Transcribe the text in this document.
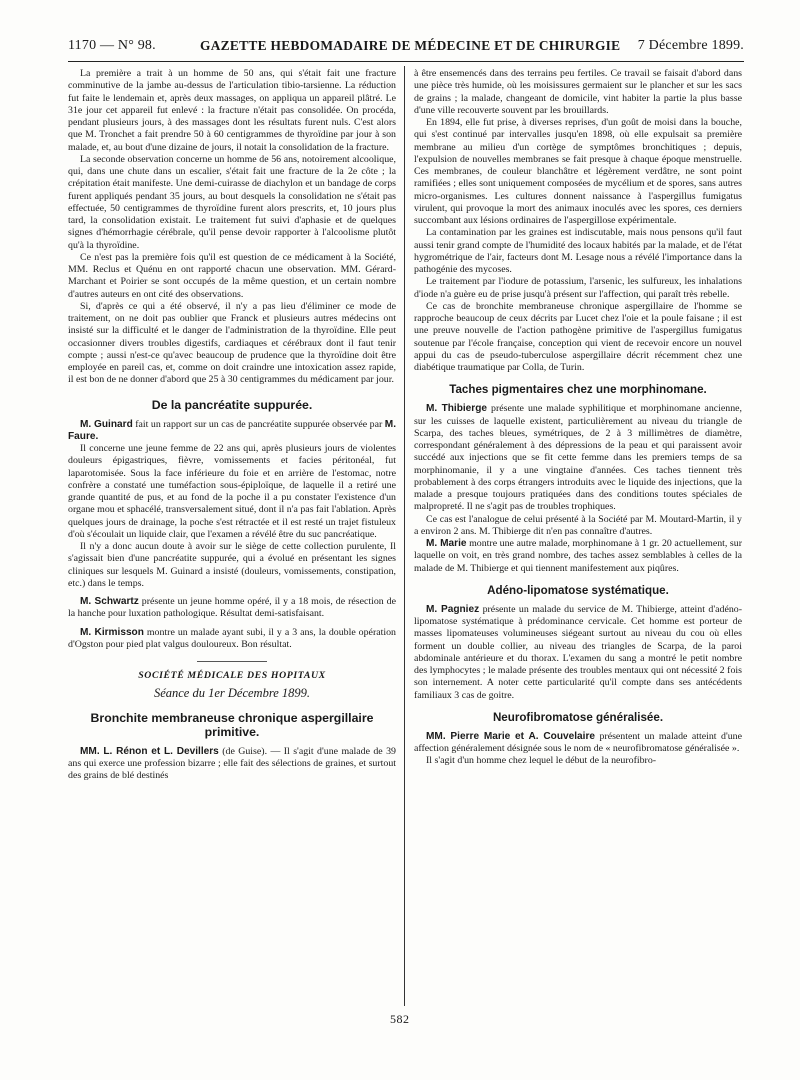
1170 — N° 98.	GAZETTE HEBDOMADAIRE DE MÉDECINE ET DE CHIRURGIE 7 Décembre 1899.

La première a trait à un homme de 50 ans, qui s'était fait une fracture comminutive de la jambe au-dessus de l'articulation tibio-tarsienne. La réduction fut faite le lendemain et, après deux massages, on appliqua un appareil plâtré. Le 31e jour cet appareil fut enlevé : la fracture n'était pas consolidée. On procéda, pendant plusieurs jours, à des massages dont les résultats furent nuls. C'est alors que M. Tronchet a fait prendre 50 à 60 centigrammes de thyroïdine par jour à son malade, et, au bout d'une dizaine de jours, il notait la consolidation de la fracture.

La seconde observation concerne un homme de 56 ans, notoirement alcoolique, qui, dans une chute dans un escalier, s'était fait une fracture de la 2e côte ; la crépitation était manifeste. Une demi-cuirasse de diachylon et un bandage de corps furent appliqués pendant 35 jours, au bout desquels la consolidation ne s'était pas effectuée, 50 centigrammes de thyroïdine furent alors prescrits, et, 10 jours plus tard, la consolidation existait. Le traitement fut suivi d'aphasie et de quelques signes d'hémorrhagie cérébrale, qu'il pense devoir rapporter à l'alcoolisme plutôt qu'à la thyroïdine.

Ce n'est pas la première fois qu'il est question de ce médicament à la Société, MM. Reclus et Quénu en ont rapporté chacun une observation. MM. Gérard-Marchant et Poirier se sont occupés de la même question, et un certain nombre d'autres auteurs en ont cité des observations.

Si, d'après ce qui a été observé, il n'y a pas lieu d'éliminer ce mode de traitement, on ne doit pas oublier que Franck et plusieurs autres médecins ont insisté sur la difficulté et le danger de l'administration de la thyroïdine. Elle peut occasionner divers troubles digestifs, cardiaques et cérébraux dont il faut tenir compte ; aussi n'est-ce qu'avec beaucoup de prudence que la thyroïdine doit être employée en pareil cas, et, comme on doit craindre une intoxication assez rapide, il est bon de ne donner d'abord que 25 à 30 centigrammes du médicament par jour.

De la pancréatite suppurée.

M. Guinard fait un rapport sur un cas de pancréatite suppurée observée par M. Faure.

Il concerne une jeune femme de 22 ans qui, après plusieurs jours de violentes douleurs épigastriques, fièvre, vomissements et facies péritonéal, fut laparotomisée. Sous la face inférieure du foie et en arrière de l'estomac, notre confrère a constaté une tuméfaction sous-épiploïque, de laquelle il a retiré une grande quantité de pus, et au fond de la poche il a pu constater l'existence d'un organe mou et sphacélé, transversalement situé, dont il n'a pas fait l'ablation. Après quelques jours de drainage, la poche s'est rétractée et il est resté un trajet fistuleux d'où s'écoulait un liquide clair, que l'examen a révélé être du suc pancréatique.

Il n'y a donc aucun doute à avoir sur le siège de cette collection purulente, Il s'agissait bien d'une pancréatite suppurée, qui a évolué en présentant les signes cliniques sur lesquels M. Guinard a insisté (douleurs, vomissements, constipation, etc.) dans le temps.

M. Schwartz présente un jeune homme opéré, il y a 18 mois, de résection de la hanche pour luxation pathologique. Résultat demi-satisfaisant.

M. Kirmisson montre un malade ayant subi, il y a 3 ans, la double opération d'Ogston pour pied plat valgus douloureux. Bon résultat.

SOCIÉTÉ MÉDICALE DES HOPITAUX
Séance du 1er Décembre 1899.
Bronchite membraneuse chronique aspergillaire primitive.

MM. L. Rénon et L. Devillers (de Guise). — Il s'agit d'une malade de 39 ans qui exerce une profession bizarre ; elle fait des sélections de graines, et surtout des grains de blé destinés

à être ensemencés dans des terrains peu fertiles. Ce travail se faisait d'abord dans une pièce très humide, où les moisissures germaient sur le plancher et sur les sacs de grains ; la malade, changeant de domicile, vint habiter la partie la plus basse d'une ville recouverte souvent par les brouillards.

En 1894, elle fut prise, à diverses reprises, d'un goût de moisi dans la bouche, qui s'est continué par intervalles jusqu'en 1898, où elle expulsait sa première membrane au milieu d'un cortège de symptômes bronchitiques ; depuis, l'expulsion de nouvelles membranes se fait presque à chaque époque menstruelle. Ces membranes, de couleur blanchâtre et légèrement verdâtre, ne sont point ramifiées ; elles sont uniquement composées de mycélium et de spores, sans autres micro-organismes. Les cultures donnent naissance à l'aspergillus fumigatus virulent, qui provoque la mort des animaux inoculés avec les spores, ces derniers succombant aux lésions ordinaires de l'aspergillose expérimentale.

La contamination par les graines est indiscutable, mais nous pensons qu'il faut aussi tenir grand compte de l'humidité des locaux habités par la malade, et de l'état hygrométrique de l'air, facteurs dont M. Lesage nous a révélé l'importance dans la pathogénie des mycoses.

Le traitement par l'iodure de potassium, l'arsenic, les sulfureux, les inhalations d'iode n'a guère eu de prise jusqu'à présent sur l'affection, qui paraît très rebelle.

Ce cas de bronchite membraneuse chronique aspergillaire de l'homme se rapproche beaucoup de ceux décrits par Lucet chez l'oie et la poule faisane ; il est une preuve nouvelle de l'action pathogène primitive de l'aspergillus fumigatus soutenue par l'école française, conception qui vient de recevoir encore un nouvel appui du cas de pseudo-tuberculose aspergillaire décrit récemment chez une diabétique traumatique par Colla, de Turin.

Taches pigmentaires chez une morphinomane.

M. Thibierge présente une malade syphilitique et morphinomane ancienne, sur les cuisses de laquelle existent, particulièrement au niveau du triangle de Scarpa, des taches bleues, symétriques, de 2 à 3 millimètres de diamètre, correspondant généralement à des dépressions de la peau et qui paraissent avoir succédé aux injections que se fit cette femme dans les premiers temps de sa morphinomanie, il y a une vingtaine d'années. Ces taches tiennent très probablement à des corps étrangers introduits avec le liquide des injections, que la malade a presque toujours pratiquées dans des conditions toutes spéciales de malpropreté. Il ne s'agit pas de troubles trophiques.

Ce cas est l'analogue de celui présenté à la Société par M. Moutard-Martin, il y a environ 2 ans. M. Thibierge dit n'en pas connaître d'autres.

M. Marie montre une autre malade, morphinomane à 1 gr. 20 actuellement, sur laquelle on voit, en très grand nombre, des taches assez semblables à celles de la malade de M. Thibierge et qui tiennent manifestement aux piqûres.

Adéno-lipomatose systématique.

M. Pagniez présente un malade du service de M. Thibierge, atteint d'adéno-lipomatose systématique à prédominance cervicale. Cet homme est porteur de masses lipomateuses volumineuses siégeant surtout au niveau du cou où elles forment un double collier, au niveau des triangles de Scarpa, de la paroi abdominale antérieure et du thorax. L'examen du sang a montré le petit nombre des lymphocytes ; le malade présente des troubles mentaux qui ont nécessité 2 fois son internement. A noter cette particularité qu'il compte dans ses antécédents familiaux 3 cas de goitre.

Neurofibromatose généralisée.

MM. Pierre Marie et A. Couvelaire présentent un malade atteint d'une affection généralement désignée sous le nom de « neurofibromatose généralisée ».

Il s'agit d'un homme chez lequel le début de la neurofibro-

582
